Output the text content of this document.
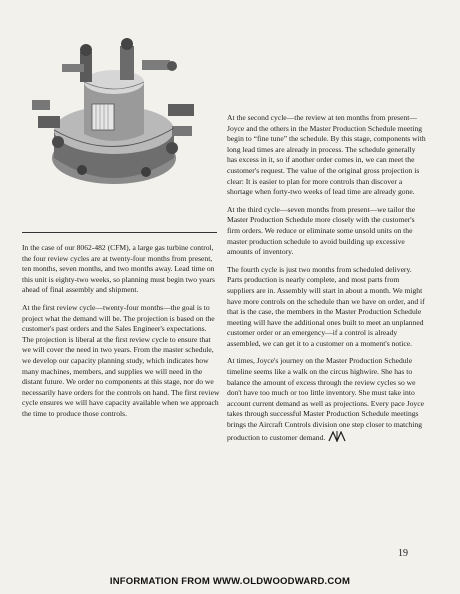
In the case of our 8062-482 (CFM), a large gas turbine control, the four review cycles are at twenty-four months from present, ten months, seven months, and two months away. Lead time on this unit is eighty-two weeks, so planning must begin two years ahead of final assembly and shipment.

At the first review cycle—twenty-four months—the goal is to project what the demand will be. The projection is based on the customer's past orders and the Sales Engineer's expectations. The projection is liberal at the first review cycle to ensure that we will cover the need in two years. From the master schedule, we develop our capacity planning study, which indicates how many machines, members, and supplies we will need in the distant future. We order no components at this stage, nor do we necessarily have orders for the controls on hand. The first review cycle ensures we will have capacity available when we approach the time to produce those controls.

At the second cycle—the review at ten months from present—Joyce and the others in the Master Production Schedule meeting begin to “fine tune” the schedule. By this stage, components with long lead times are already in process. The schedule generally has excess in it, so if another order comes in, we can meet the customer's request. The value of the original gross projection is clear: It is easier to plan for more controls than discover a shortage when forty-two weeks of lead time are already gone.

At the third cycle—seven months from present—we tailor the Master Production Schedule more closely with the customer's firm orders. We reduce or eliminate some unsold units on the master production schedule to avoid building up excessive amounts of inventory.

The fourth cycle is just two months from scheduled delivery. Parts production is nearly complete, and most parts from suppliers are in. Assembly will start in about a month. We might have more controls on the schedule than we have on order, and if that is the case, the members in the Master Production Schedule meeting will have the additional ones built to meet an unplanned customer order or an emergency—if a control is already assembled, we can get it to a customer on a moment's notice.

At times, Joyce's journey on the Master Production Schedule timeline seems like a walk on the circus highwire. She has to balance the amount of excess through the review cycles so we don't have too much or too little inventory. She must take into account current demand as well as projections. Every pace Joyce takes through successful Master Production Schedule meetings brings the Aircraft Controls division one step closer to matching production to customer demand.

19
INFORMATION FROM WWW.OLDWOODWARD.COM
